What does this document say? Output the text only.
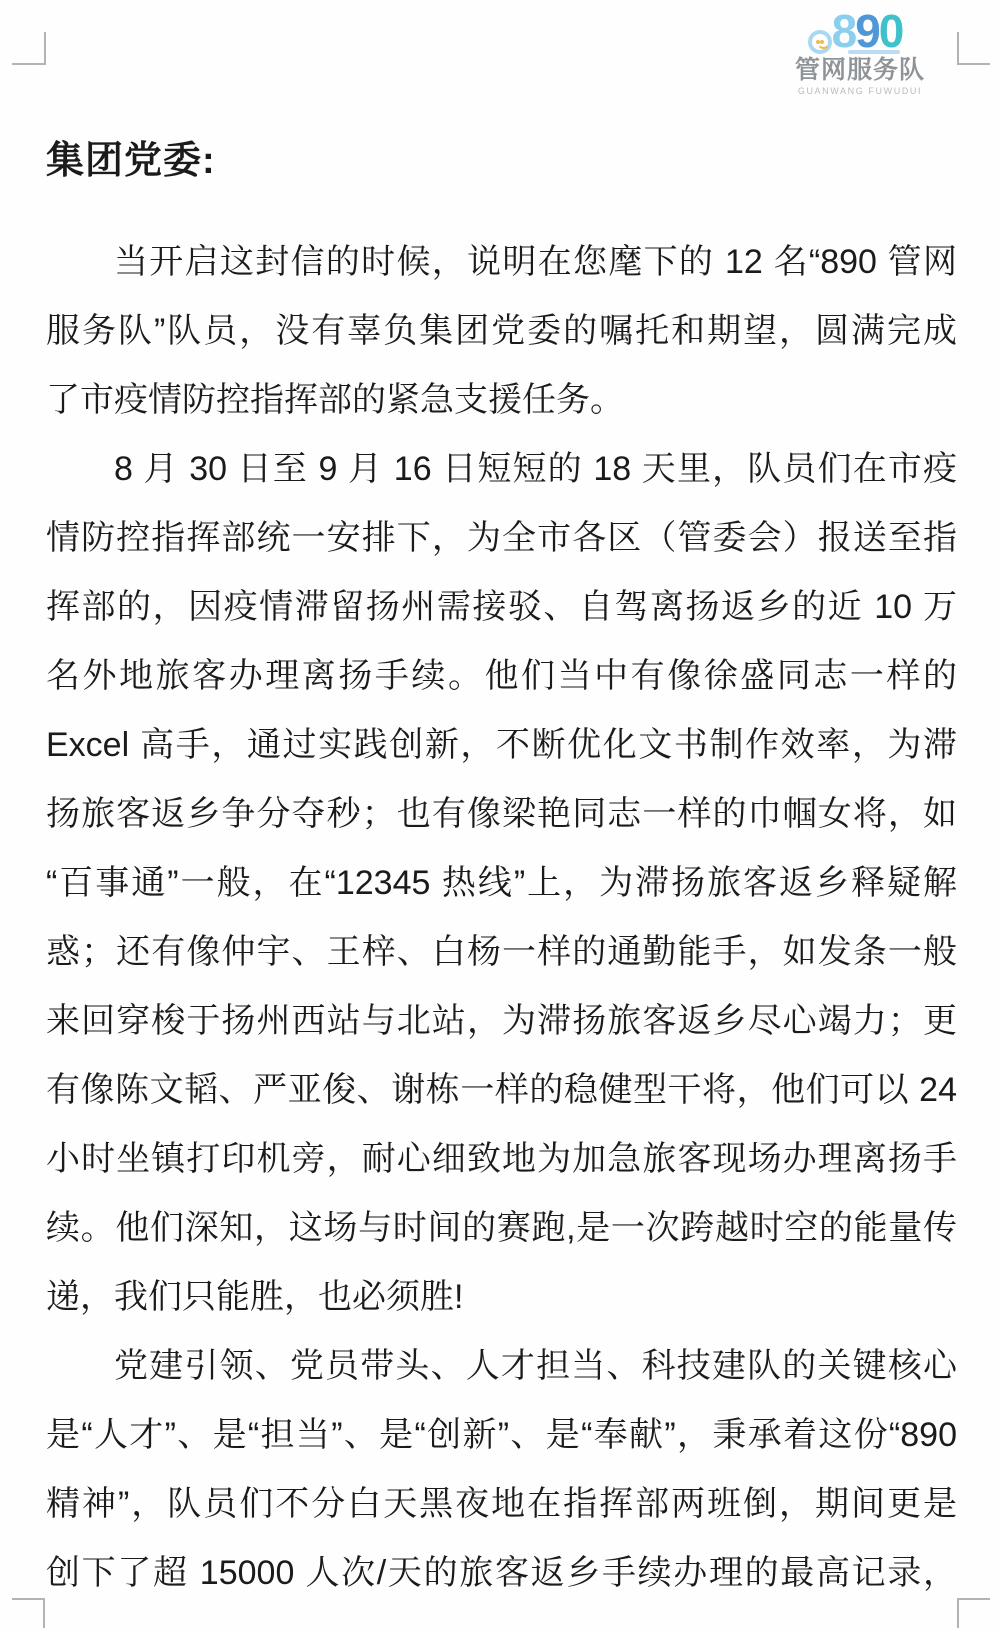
890
管网服务队
GUANWANG FUWUDUI
集团党委:
当开启这封信的时候，说明在您麾下的 12 名“890 管网
服务队”队员，没有辜负集团党委的嘱托和期望，圆满完成
了市疫情防控指挥部的紧急支援任务。
8 月 30 日至 9 月 16 日短短的 18 天里，队员们在市疫
情防控指挥部统一安排下，为全市各区（管委会）报送至指
挥部的，因疫情滞留扬州需接驳、自驾离扬返乡的近 10 万
名外地旅客办理离扬手续。他们当中有像徐盛同志一样的
Excel 高手，通过实践创新，不断优化文书制作效率，为滞
扬旅客返乡争分夺秒；也有像梁艳同志一样的巾帼女将，如
“百事通”一般，在“12345 热线”上，为滞扬旅客返乡释疑解
惑；还有像仲宇、王梓、白杨一样的通勤能手，如发条一般
来回穿梭于扬州西站与北站，为滞扬旅客返乡尽心竭力；更
有像陈文韬、严亚俊、谢栋一样的稳健型干将，他们可以 24
小时坐镇打印机旁，耐心细致地为加急旅客现场办理离扬手
续。他们深知，这场与时间的赛跑,是一次跨越时空的能量传
递，我们只能胜，也必须胜!
党建引领、党员带头、人才担当、科技建队的关键核心
是“人才”、是“担当”、是“创新”、是“奉献”，秉承着这份“890
精神”，队员们不分白天黑夜地在指挥部两班倒，期间更是
创下了超 15000 人次/天的旅客返乡手续办理的最高记录，
